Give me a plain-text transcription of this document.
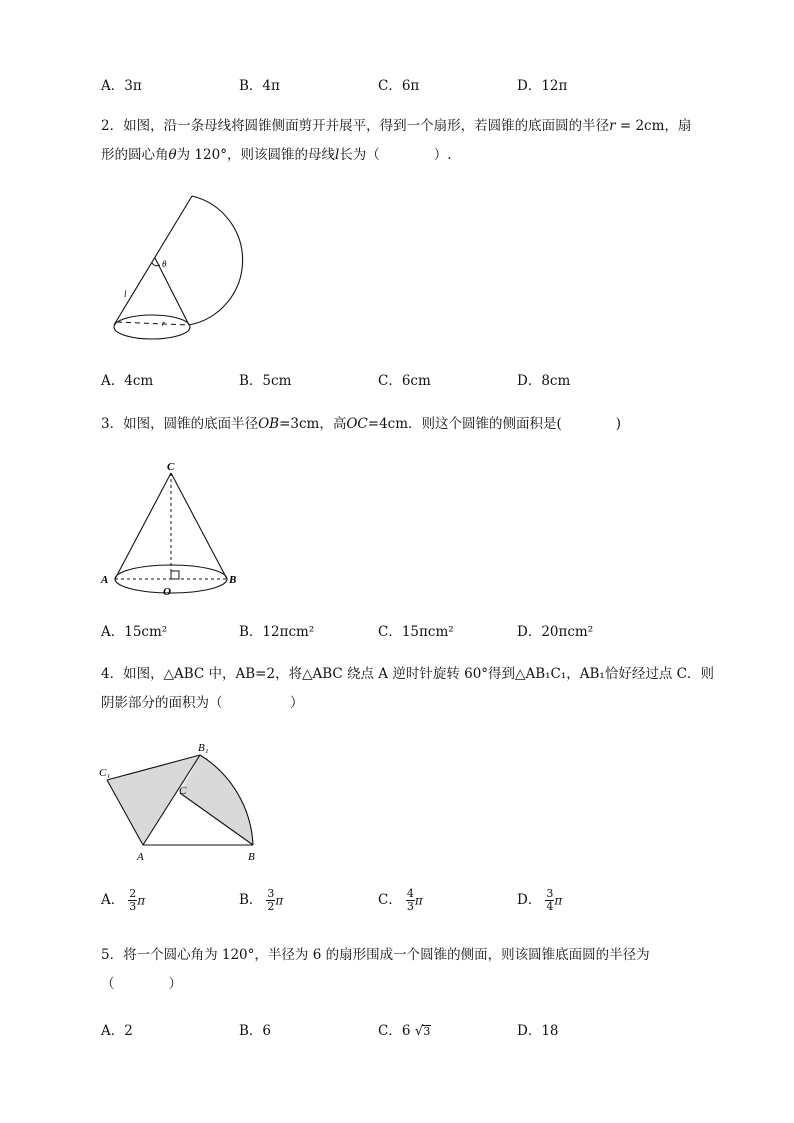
A．3π	B．4π	C．6π	D．12π
2．如图，沿一条母线将圆锥侧面剪开并展平，得到一个扇形，若圆锥的底面圆的半径r = 2cm，扇
形的圆心角θ为 120°，则该圆锥的母线l长为（　　　　）.
θ
l
r
A．4cm	B．5cm	C．6cm	D．8cm
3．如图，圆锥的底面半径OB=3cm，高OC=4cm．则这个圆锥的侧面积是(　　　　)
C
A	B
O
A．15cm²	B．12πcm²	C．15πcm²	D．20πcm²
4．如图，△ABC 中，AB=2，将△ABC 绕点 A 逆时针旋转 60°得到△AB₁C₁，AB₁恰好经过点 C．则
阴影部分的面积为（　　　　　）
B₁
C₁
C
A	B
A． $\frac{2}{3}$ π	B． $\frac{3}{2}$ π	C． $\frac{4}{3}$ π	D． $\frac{3}{4}$ π
5．将一个圆心角为 120°，半径为 6 的扇形围成一个圆锥的侧面，则该圆锥底面圆的半径为
（　　　　）
A．2	B．6	C．6 √3	D．18
